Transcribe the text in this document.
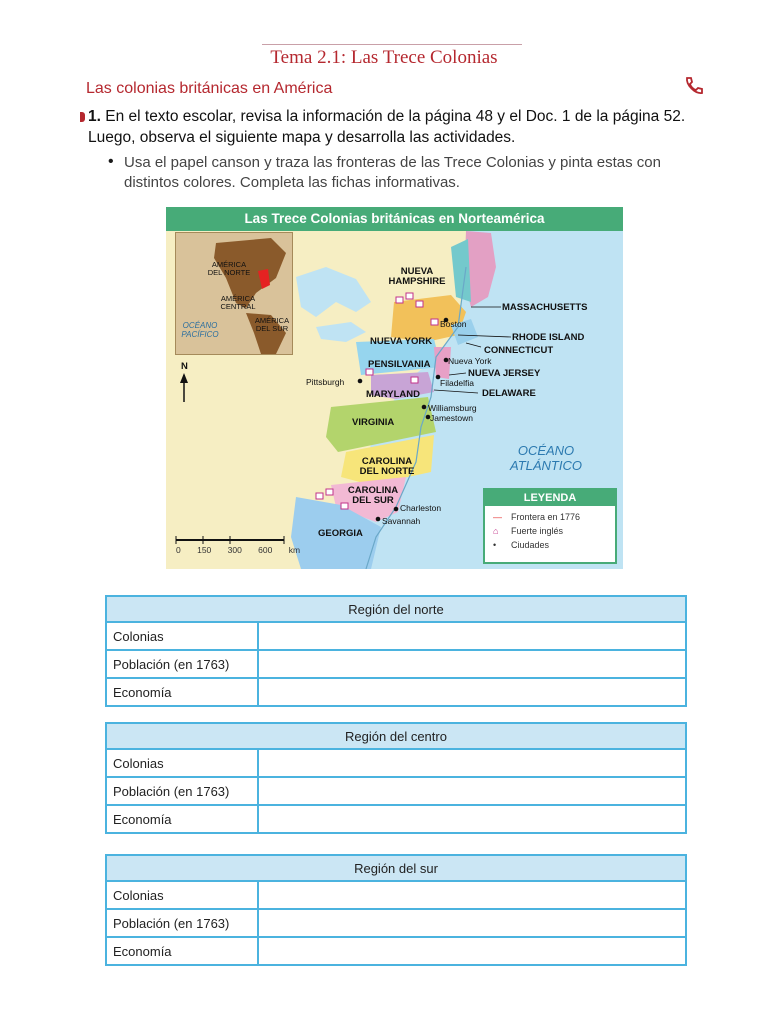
Tema 2.1: Las Trece Colonias
Las colonias británicas en América
1. En el texto escolar, revisa la información de la página 48 y el Doc. 1 de la página 52. Luego, observa el siguiente mapa y desarrolla las actividades.
• Usa el papel canson y traza las fronteras de las Trece Colonias y pinta estas con distintos colores. Completa las fichas informativas.
Las Trece Colonias británicas en Norteamérica
AMÉRICA DEL NORTE
AMÉRICA CENTRAL
AMÉRICA DEL SUR
OCÉANO PACÍFICO
NUEVA HAMPSHIRE
MASSACHUSETTS
RHODE ISLAND
CONNECTICUT
NUEVA YORK
NUEVA JERSEY
PENSILVANIA
DELAWARE
MARYLAND
VIRGINIA
CAROLINA DEL NORTE
CAROLINA DEL SUR
GEORGIA
Boston
Nueva York
Filadelfia
Pittsburgh
Williamsburg
Jamestown
Charleston
Savannah
OCÉANO ATLÁNTICO
N
0 150 300 600 km
LEYENDA
— Frontera en 1776
⌂ Fuerte inglés
• Ciudades
Región del norte	
Colonias	
Población (en 1763)	
Economía	
Región del centro	
Colonias	
Población (en 1763)	
Economía	
Región del sur	
Colonias	
Población (en 1763)	
Economía	
